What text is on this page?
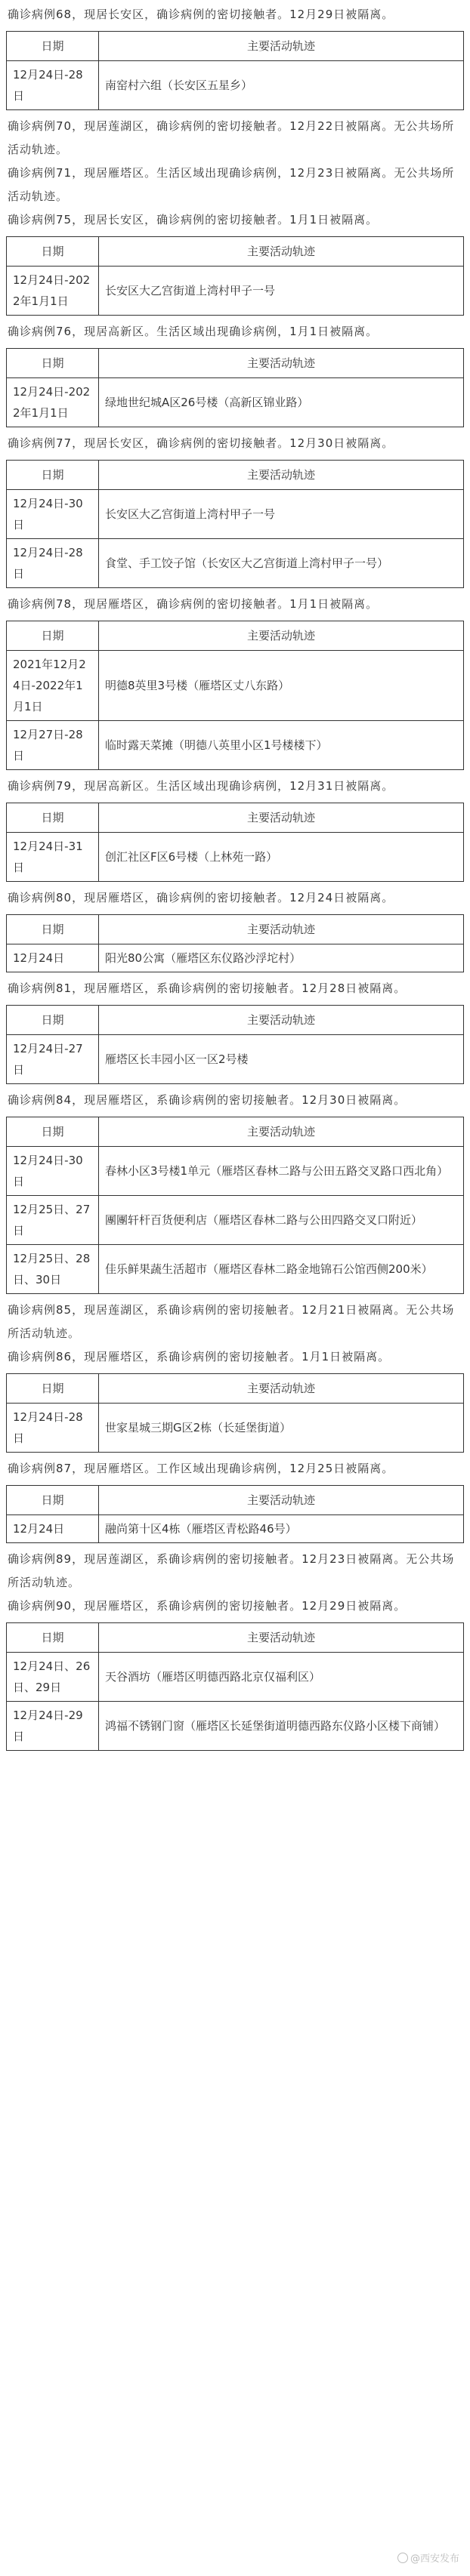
确诊病例68，现居长安区，确诊病例的密切接触者。12月29日被隔离。

日期	主要活动轨迹
12月24日-28日	南窑村六组（长安区五星乡）

确诊病例70，现居莲湖区，确诊病例的密切接触者。12月22日被隔离。无公共场所活动轨迹。

确诊病例71，现居雁塔区。生活区域出现确诊病例，12月23日被隔离。无公共场所活动轨迹。

确诊病例75，现居长安区，确诊病例的密切接触者。1月1日被隔离。

日期	主要活动轨迹
12月24日-2022年1月1日	长安区大乙宫街道上湾村甲子一号

确诊病例76，现居高新区。生活区域出现确诊病例，1月1日被隔离。

日期	主要活动轨迹
12月24日-2022年1月1日	绿地世纪城A区26号楼（高新区锦业路）

确诊病例77，现居长安区，确诊病例的密切接触者。12月30日被隔离。

日期	主要活动轨迹
12月24日-30日	长安区大乙宫街道上湾村甲子一号
12月24日-28日	食堂、手工饺子馆（长安区大乙宫街道上湾村甲子一号）

确诊病例78，现居雁塔区，确诊病例的密切接触者。1月1日被隔离。

日期	主要活动轨迹
2021年12月24日-2022年1月1日	明德8英里3号楼（雁塔区丈八东路）
12月27日-28日	临时露天菜摊（明德八英里小区1号楼楼下）

确诊病例79，现居高新区。生活区域出现确诊病例，12月31日被隔离。

日期	主要活动轨迹
12月24日-31日	创汇社区F区6号楼（上林苑一路）

确诊病例80，现居雁塔区，确诊病例的密切接触者。12月24日被隔离。

日期	主要活动轨迹
12月24日	阳光80公寓（雁塔区东仪路沙浮坨村）

确诊病例81，现居雁塔区，系确诊病例的密切接触者。12月28日被隔离。

日期	主要活动轨迹
12月24日-27日	雁塔区长丰园小区一区2号楼

确诊病例84，现居雁塔区，系确诊病例的密切接触者。12月30日被隔离。

日期	主要活动轨迹
12月24日-30日	春林小区3号楼1单元（雁塔区春林二路与公田五路交叉路口西北角）
12月25日、27日	團團轩杆百货便利店（雁塔区春林二路与公田四路交叉口附近）
12月25日、28日、30日	佳乐鲜果蔬生活超市（雁塔区春林二路金地锦石公馆西侧200米）

确诊病例85，现居莲湖区，系确诊病例的密切接触者。12月21日被隔离。无公共场所活动轨迹。

确诊病例86，现居雁塔区，系确诊病例的密切接触者。1月1日被隔离。

日期	主要活动轨迹
12月24日-28日	世家星城三期G区2栋（长延堡街道）

确诊病例87，现居雁塔区。工作区域出现确诊病例，12月25日被隔离。

日期	主要活动轨迹
12月24日	融尚第十区4栋（雁塔区青松路46号）

确诊病例89，现居莲湖区，系确诊病例的密切接触者。12月23日被隔离。无公共场所活动轨迹。

确诊病例90，现居雁塔区，系确诊病例的密切接触者。12月29日被隔离。

日期	主要活动轨迹
12月24日、26日、29日	天谷酒坊（雁塔区明德西路北京仅福利区）
12月24日-29日	鸿福不锈钢门窗（雁塔区长延堡街道明德西路东仪路小区楼下商铺）
@西安发布
